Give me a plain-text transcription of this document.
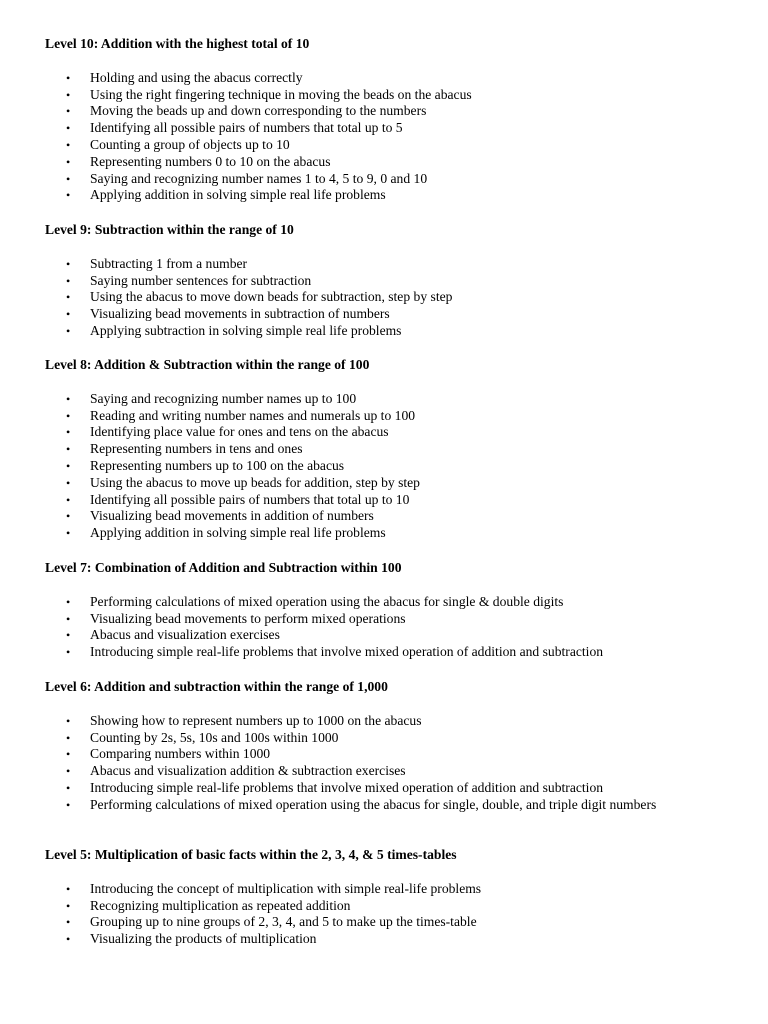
Level 10: Addition with the highest total of 10

• Holding and using the abacus correctly
• Using the right fingering technique in moving the beads on the abacus
• Moving the beads up and down corresponding to the numbers
• Identifying all possible pairs of numbers that total up to 5
• Counting a group of objects up to 10
• Representing numbers 0 to 10 on the abacus
• Saying and recognizing number names 1 to 4, 5 to 9, 0 and 10
• Applying addition in solving simple real life problems

Level 9: Subtraction within the range of 10

• Subtracting 1 from a number
• Saying number sentences for subtraction
• Using the abacus to move down beads for subtraction, step by step
• Visualizing bead movements in subtraction of numbers
• Applying subtraction in solving simple real life problems

Level 8: Addition & Subtraction within the range of 100

• Saying and recognizing number names up to 100
• Reading and writing number names and numerals up to 100
• Identifying place value for ones and tens on the abacus
• Representing numbers in tens and ones
• Representing numbers up to 100 on the abacus
• Using the abacus to move up beads for addition, step by step
• Identifying all possible pairs of numbers that total up to 10
• Visualizing bead movements in addition of numbers
• Applying addition in solving simple real life problems

Level 7: Combination of Addition and Subtraction within 100

• Performing calculations of mixed operation using the abacus for single & double digits
• Visualizing bead movements to perform mixed operations
• Abacus and visualization exercises
• Introducing simple real-life problems that involve mixed operation of addition and subtraction

Level 6: Addition and subtraction within the range of 1,000

• Showing how to represent numbers up to 1000 on the abacus
• Counting by 2s, 5s, 10s and 100s within 1000
• Comparing numbers within 1000
• Abacus and visualization addition & subtraction exercises
• Introducing simple real-life problems that involve mixed operation of addition and subtraction
• Performing calculations of mixed operation using the abacus for single, double, and triple digit numbers

Level 5: Multiplication of basic facts within the 2, 3, 4, & 5 times-tables

• Introducing the concept of multiplication with simple real-life problems
• Recognizing multiplication as repeated addition
• Grouping up to nine groups of 2, 3, 4, and 5 to make up the times-table
• Visualizing the products of multiplication
